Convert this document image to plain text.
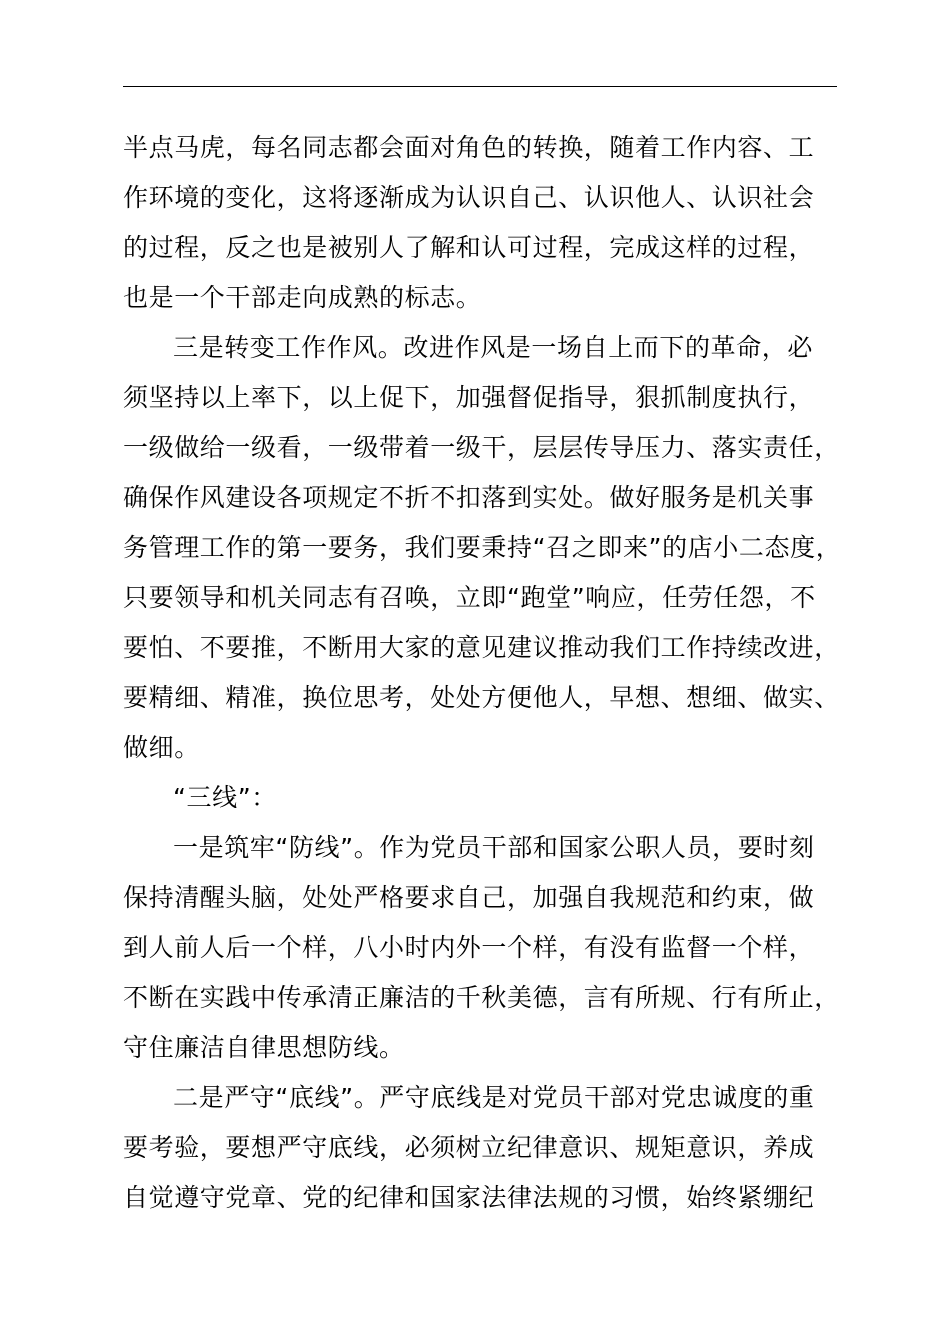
半点马虎，每名同志都会面对角色的转换，随着工作内容、工
作环境的变化，这将逐渐成为认识自己、认识他人、认识社会
的过程，反之也是被别人了解和认可过程，完成这样的过程，
也是一个干部走向成熟的标志。
三是转变工作作风。改进作风是一场自上而下的革命，必
须坚持以上率下，以上促下，加强督促指导，狠抓制度执行，
一级做给一级看，一级带着一级干，层层传导压力、落实责任，
确保作风建设各项规定不折不扣落到实处。做好服务是机关事
务管理工作的第一要务，我们要秉持“召之即来”的店小二态度，
只要领导和机关同志有召唤，立即“跑堂”响应，任劳任怨，不
要怕、不要推，不断用大家的意见建议推动我们工作持续改进，
要精细、精准，换位思考，处处方便他人，早想、想细、做实、
做细。
“三线”：
一是筑牢“防线”。作为党员干部和国家公职人员，要时刻
保持清醒头脑，处处严格要求自己，加强自我规范和约束，做
到人前人后一个样，八小时内外一个样，有没有监督一个样，
不断在实践中传承清正廉洁的千秋美德，言有所规、行有所止，
守住廉洁自律思想防线。
二是严守“底线”。严守底线是对党员干部对党忠诚度的重
要考验，要想严守底线，必须树立纪律意识、规矩意识，养成
自觉遵守党章、党的纪律和国家法律法规的习惯，始终紧绷纪
